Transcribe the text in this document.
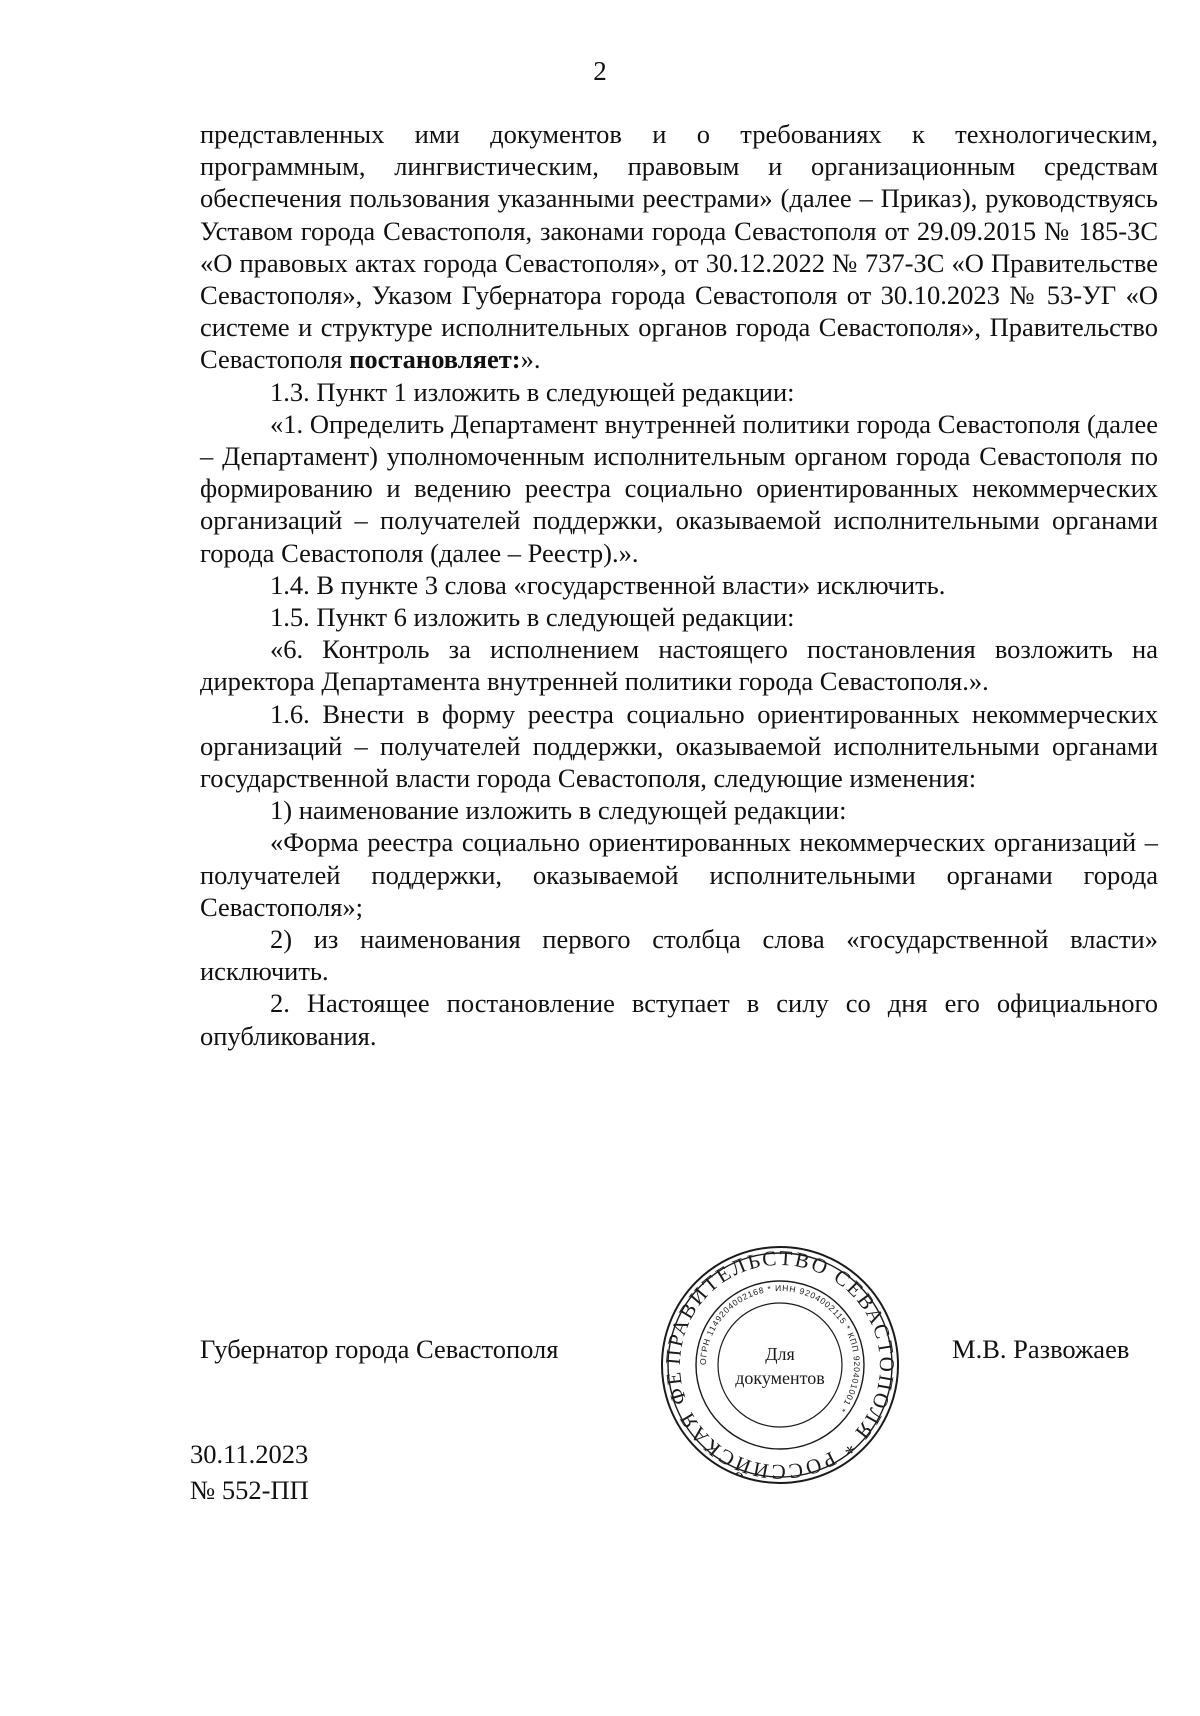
2

представленных ими документов и о требованиях к технологическим, программным, лингвистическим, правовым и организационным средствам обеспечения пользования указанными реестрами» (далее – Приказ), руководствуясь Уставом города Севастополя, законами города Севастополя от 29.09.2015 № 185-ЗС «О правовых актах города Севастополя», от 30.12.2022 № 737-ЗС «О Правительстве Севастополя», Указом Губернатора города Севастополя от 30.10.2023 № 53-УГ «О системе и структуре исполнительных органов города Севастополя», Правительство Севастополя постановляет:».

1.3. Пункт 1 изложить в следующей редакции:

«1. Определить Департамент внутренней политики города Севастополя (далее – Департамент) уполномоченным исполнительным органом города Севастополя по формированию и ведению реестра социально ориентированных некоммерческих организаций – получателей поддержки, оказываемой исполнительными органами города Севастополя (далее – Реестр).».

1.4. В пункте 3 слова «государственной власти» исключить.

1.5. Пункт 6 изложить в следующей редакции:

«6. Контроль за исполнением настоящего постановления возложить на директора Департамента внутренней политики города Севастополя.».

1.6. Внести в форму реестра социально ориентированных некоммерческих организаций – получателей поддержки, оказываемой исполнительными органами государственной власти города Севастополя, следующие изменения:

1) наименование изложить в следующей редакции:

«Форма реестра социально ориентированных некоммерческих организаций – получателей поддержки, оказываемой исполнительными органами города Севастополя»;

2) из наименования первого столбца слова «государственной власти» исключить.

2. Настоящее постановление вступает в силу со дня его официального опубликования.

Губернатор города Севастополя	М.В. Развожаев
ПРАВИТЕЛЬСТВО СЕВАСТОПОЛЯ * РОССИЙСКАЯ ФЕ
ОГРН 1149204002168 * ИНН 9204002115 * КПП 920401001 *
Для
документов
30.11.2023
№ 552-ПП
